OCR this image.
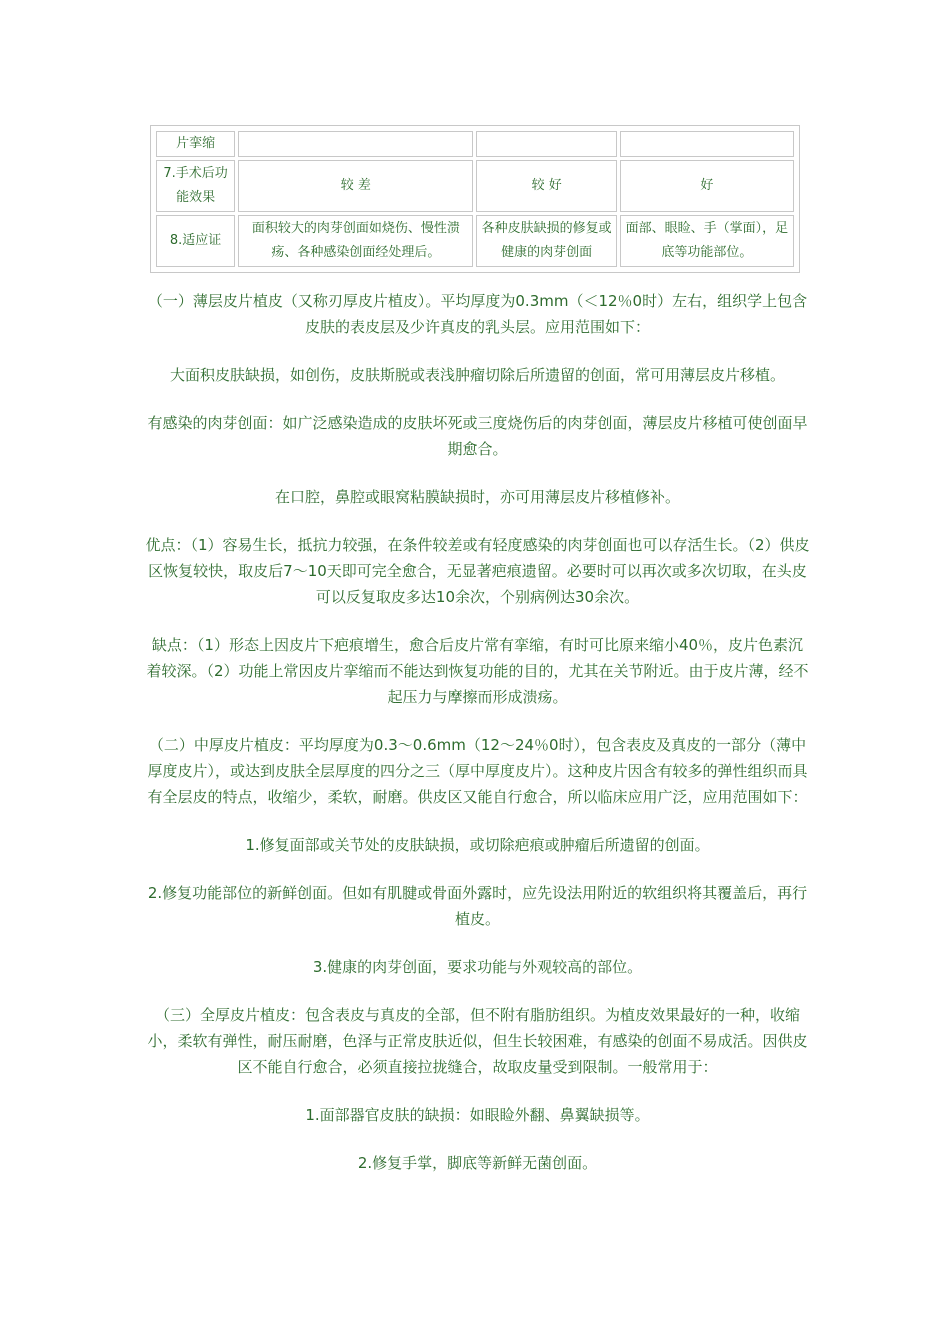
片挛缩			
7.手术后功能效果	较 差	较 好	好
8.适应证	面积较大的肉芽创面如烧伤、慢性溃疡、各种感染创面经处理后。	各种皮肤缺损的修复或健康的肉芽创面	面部、眼睑、手（掌面），足底等功能部位。

（一）薄层皮片植皮（又称刃厚皮片植皮）。平均厚度为0.3mm（＜12％0时）左右，组织学上包含皮肤的表皮层及少许真皮的乳头层。应用范围如下：

大面积皮肤缺损，如创伤，皮肤斯脱或表浅肿瘤切除后所遗留的创面，常可用薄层皮片移植。

有感染的肉芽创面：如广泛感染造成的皮肤坏死或三度烧伤后的肉芽创面，薄层皮片移植可使创面早期愈合。

在口腔，鼻腔或眼窝粘膜缺损时，亦可用薄层皮片移植修补。

优点：（1）容易生长，抵抗力较强，在条件较差或有轻度感染的肉芽创面也可以存活生长。（2）供皮区恢复较快，取皮后7～10天即可完全愈合，无显著疤痕遗留。必要时可以再次或多次切取，在头皮可以反复取皮多达10余次，个别病例达30余次。

缺点：（1）形态上因皮片下疤痕增生，愈合后皮片常有挛缩，有时可比原来缩小40％，皮片色素沉着较深。（2）功能上常因皮片挛缩而不能达到恢复功能的目的，尤其在关节附近。由于皮片薄，经不起压力与摩擦而形成溃疡。

（二）中厚皮片植皮：平均厚度为0.3～0.6mm（12～24％0时），包含表皮及真皮的一部分（薄中厚度皮片），或达到皮肤全层厚度的四分之三（厚中厚度皮片）。这种皮片因含有较多的弹性组织而具有全层皮的特点，收缩少，柔软，耐磨。供皮区又能自行愈合，所以临床应用广泛，应用范围如下：

1.修复面部或关节处的皮肤缺损，或切除疤痕或肿瘤后所遗留的创面。

2.修复功能部位的新鲜创面。但如有肌腱或骨面外露时，应先设法用附近的软组织将其覆盖后，再行植皮。

3.健康的肉芽创面，要求功能与外观较高的部位。

（三）全厚皮片植皮：包含表皮与真皮的全部，但不附有脂肪组织。为植皮效果最好的一种，收缩小，柔软有弹性，耐压耐磨，色泽与正常皮肤近似，但生长较困难，有感染的创面不易成活。因供皮区不能自行愈合，必须直接拉拢缝合，故取皮量受到限制。一般常用于：

1.面部器官皮肤的缺损：如眼睑外翻、鼻翼缺损等。

2.修复手掌，脚底等新鲜无菌创面。
